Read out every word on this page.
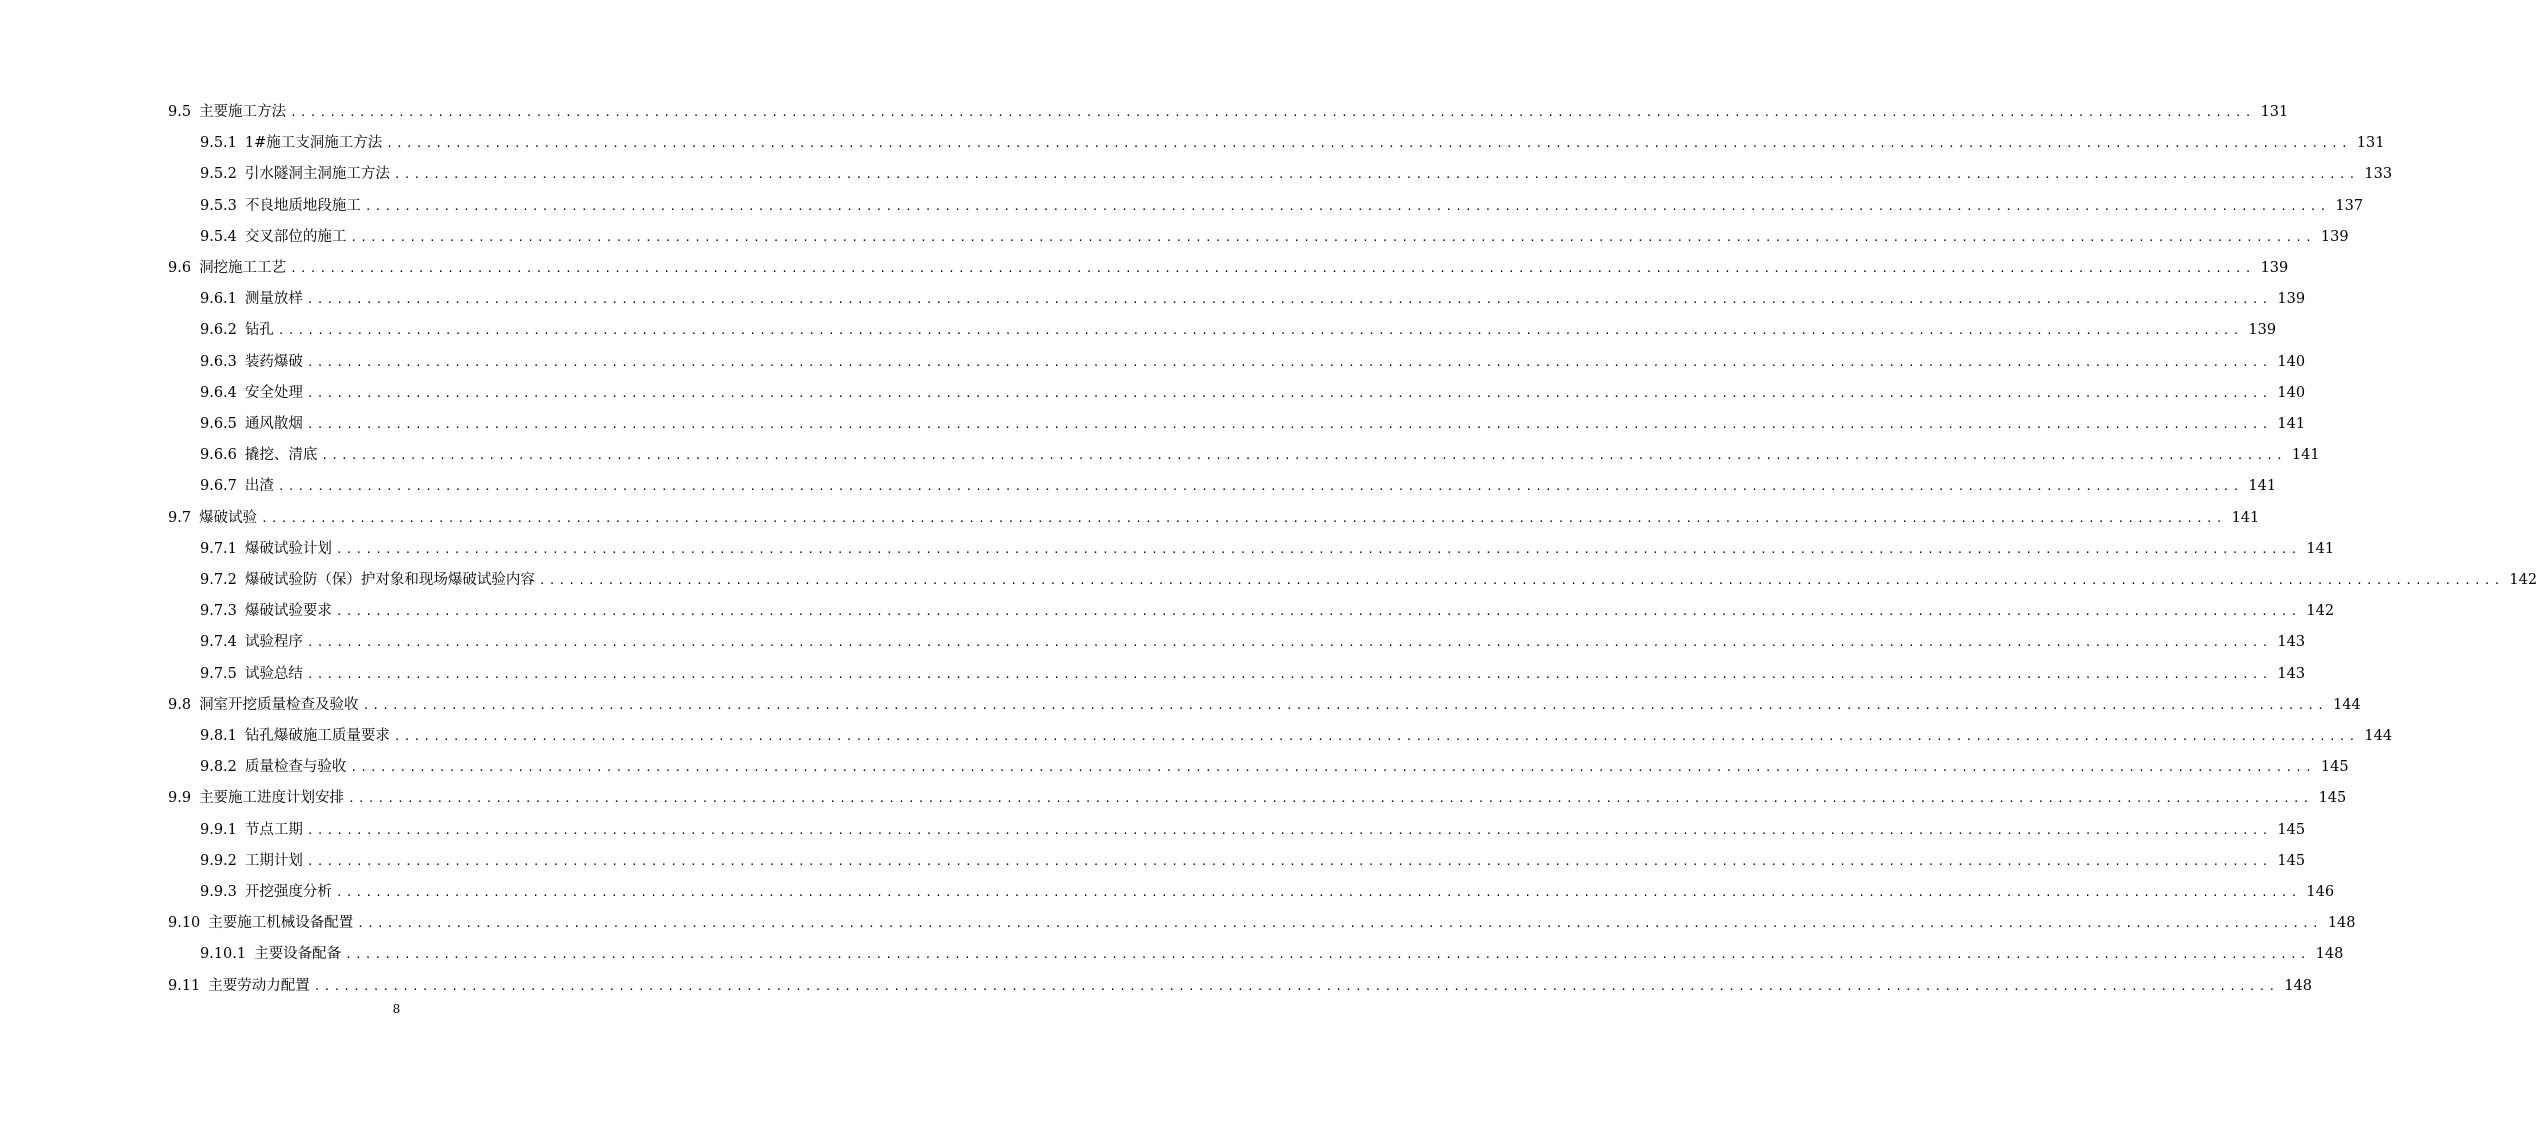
9.5 主要施工方法 ........................................................................................................................................................................................................ 131
9.5.1 1#施工支洞施工方法 ........................................................................................................................................................................................................ 131
9.5.2 引水隧洞主洞施工方法 ........................................................................................................................................................................................................ 133
9.5.3 不良地质地段施工 ........................................................................................................................................................................................................ 137
9.5.4 交叉部位的施工 ........................................................................................................................................................................................................ 139
9.6 洞挖施工工艺 ........................................................................................................................................................................................................ 139
9.6.1 测量放样 ........................................................................................................................................................................................................ 139
9.6.2 钻孔 ........................................................................................................................................................................................................ 139
9.6.3 装药爆破 ........................................................................................................................................................................................................ 140
9.6.4 安全处理 ........................................................................................................................................................................................................ 140
9.6.5 通风散烟 ........................................................................................................................................................................................................ 141
9.6.6 撬挖、清底 ........................................................................................................................................................................................................ 141
9.6.7 出渣 ........................................................................................................................................................................................................ 141
9.7 爆破试验 ........................................................................................................................................................................................................ 141
9.7.1 爆破试验计划 ........................................................................................................................................................................................................ 141
9.7.2 爆破试验防（保）护对象和现场爆破试验内容 ........................................................................................................................................................................................................ 142
9.7.3 爆破试验要求 ........................................................................................................................................................................................................ 142
9.7.4 试验程序 ........................................................................................................................................................................................................ 143
9.7.5 试验总结 ........................................................................................................................................................................................................ 143
9.8 洞室开挖质量检查及验收 ........................................................................................................................................................................................................ 144
9.8.1 钻孔爆破施工质量要求 ........................................................................................................................................................................................................ 144
9.8.2 质量检查与验收 ........................................................................................................................................................................................................ 145
9.9 主要施工进度计划安排 ........................................................................................................................................................................................................ 145
9.9.1 节点工期 ........................................................................................................................................................................................................ 145
9.9.2 工期计划 ........................................................................................................................................................................................................ 145
9.9.3 开挖强度分析 ........................................................................................................................................................................................................ 146
9.10 主要施工机械设备配置 ........................................................................................................................................................................................................ 148
9.10.1 主要设备配备 ........................................................................................................................................................................................................ 148
9.11 主要劳动力配置 ........................................................................................................................................................................................................ 148
8
